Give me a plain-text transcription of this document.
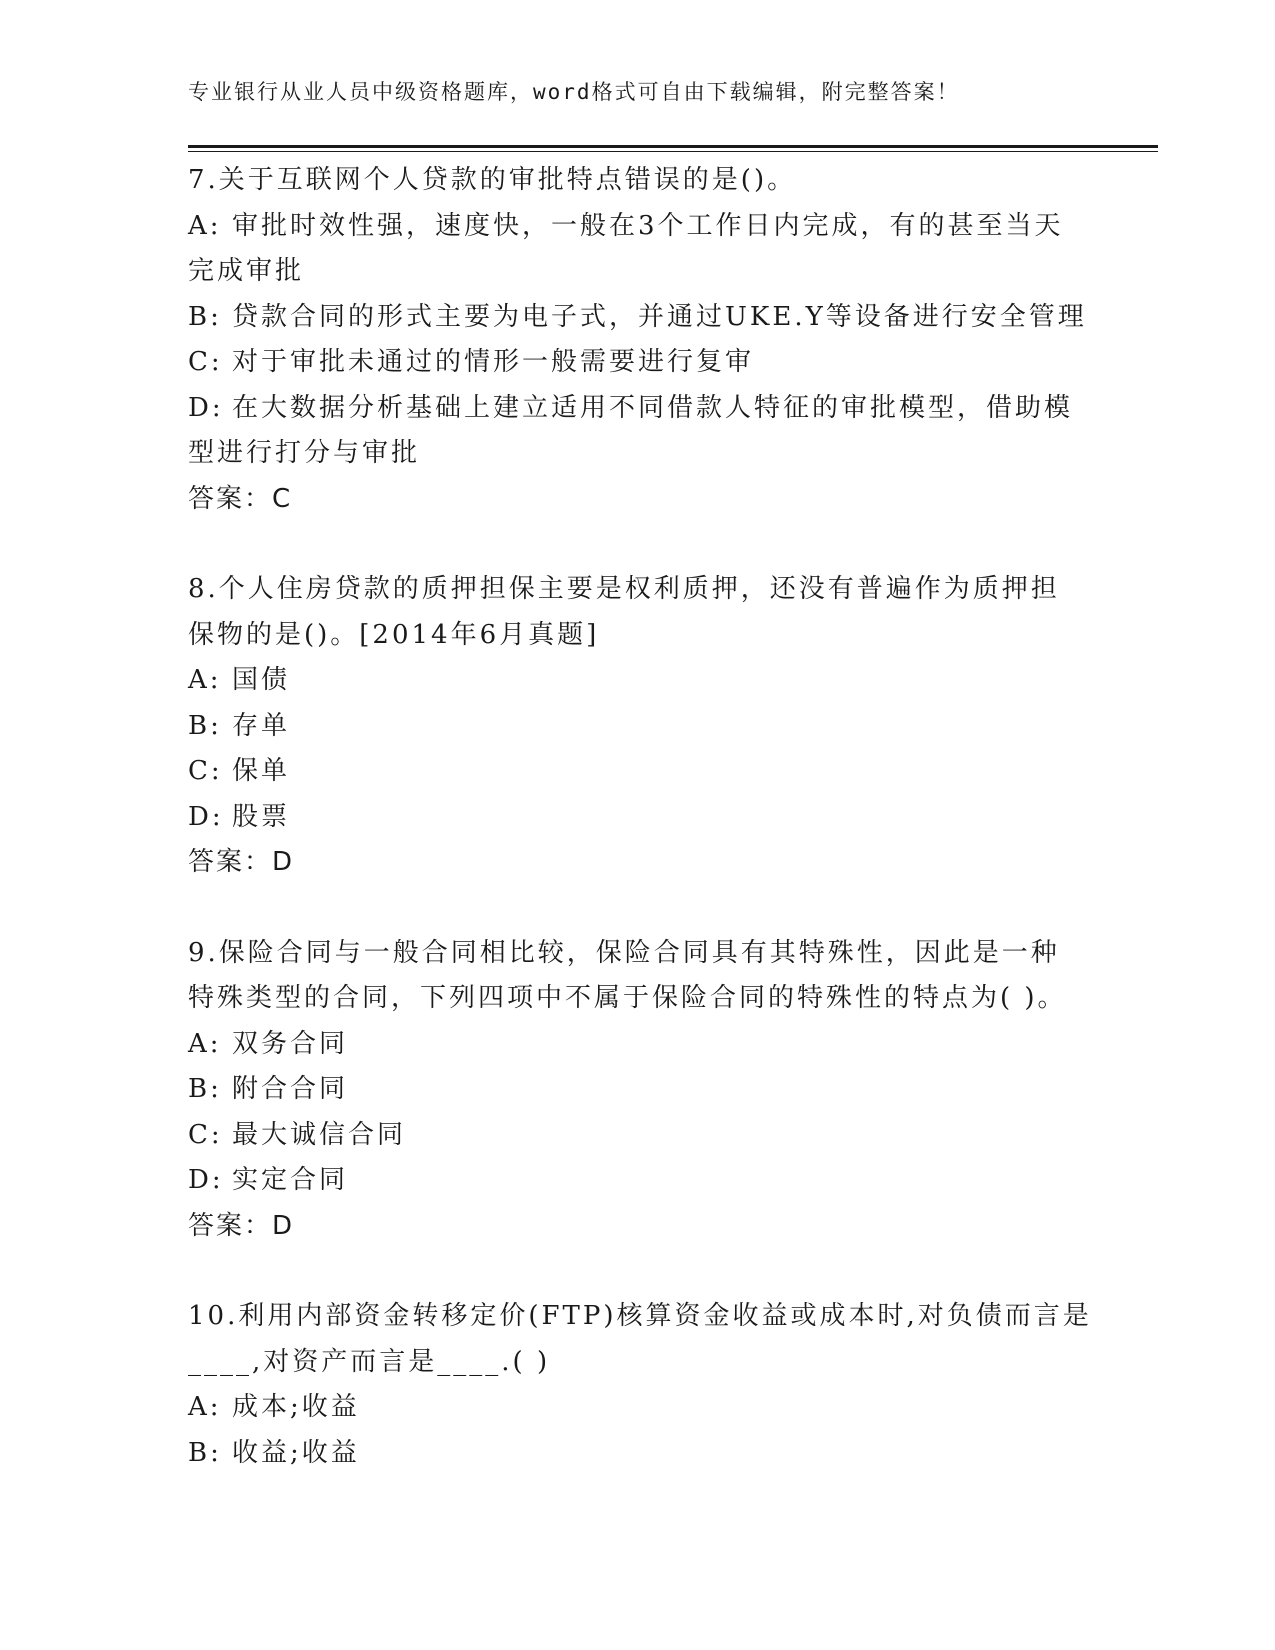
专业银行从业人员中级资格题库，word格式可自由下载编辑，附完整答案！
7.关于互联网个人贷款的审批特点错误的是()。
A: 审批时效性强，速度快，一般在3个工作日内完成，有的甚至当天
完成审批
B: 贷款合同的形式主要为电子式，并通过UKE.Y等设备进行安全管理
C: 对于审批未通过的情形一般需要进行复审
D: 在大数据分析基础上建立适用不同借款人特征的审批模型，借助模
型进行打分与审批
答案：C
8.个人住房贷款的质押担保主要是权利质押，还没有普遍作为质押担
保物的是()。[2014年6月真题]
A: 国债
B: 存单
C: 保单
D: 股票
答案：D
9.保险合同与一般合同相比较，保险合同具有其特殊性，因此是一种
特殊类型的合同，下列四项中不属于保险合同的特殊性的特点为( )。
A: 双务合同
B: 附合合同
C: 最大诚信合同
D: 实定合同
答案：D
10.利用内部资金转移定价(FTP)核算资金收益或成本时,对负债而言是
____,对资产而言是____.( )
A: 成本;收益
B: 收益;收益
